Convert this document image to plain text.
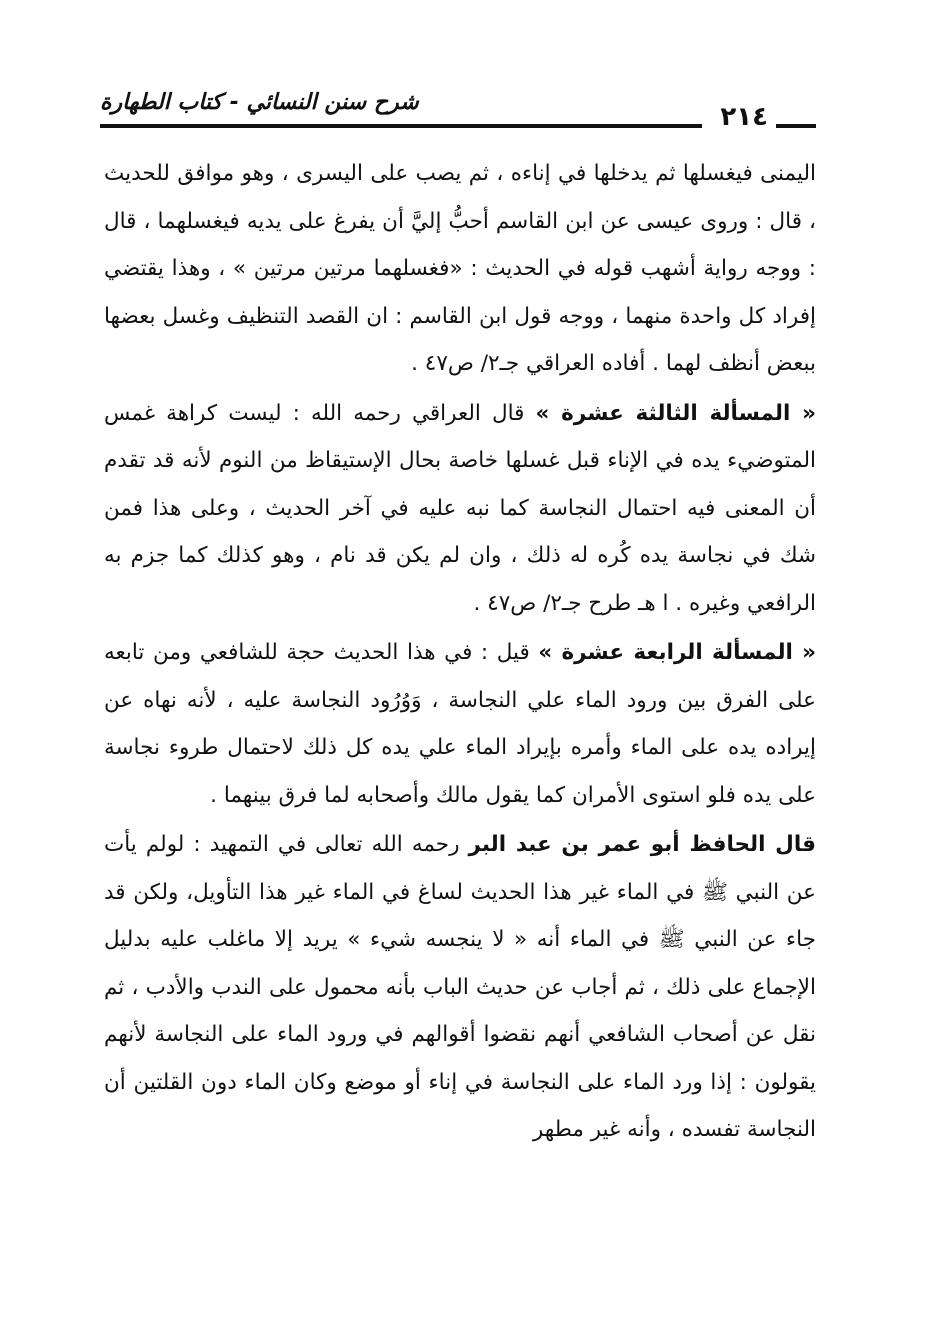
شرح سنن النسائي - كتاب الطهارة	٢١٤

اليمنى فيغسلها ثم يدخلها في إناءه ، ثم يصب على اليسرى ، وهو موافق للحديث ، قال : وروى عيسى عن ابن القاسم أحبُّ إليَّ أن يفرغ على يديه فيغسلهما ، قال : ووجه رواية أشهب قوله في الحديث : «فغسلهما مرتين مرتين » ، وهذا يقتضي إفراد كل واحدة منهما ، ووجه قول ابن القاسم : ان القصد التنظيف وغسل بعضها ببعض أنظف لهما . أفاده العراقي جـ٢/ ص٤٧ .

« المسألة الثالثة عشرة » قال العراقي رحمه الله : ليست كراهة غمس المتوضيء يده في الإناء قبل غسلها خاصة بحال الإستيقاظ من النوم لأنه قد تقدم أن المعنى فيه احتمال النجاسة كما نبه عليه في آخر الحديث ، وعلى هذا فمن شك في نجاسة يده كُره له ذلك ، وان لم يكن قد نام ، وهو كذلك كما جزم به الرافعي وغيره . ا هـ طرح جـ٢/ ص٤٧ .

« المسألة الرابعة عشرة » قيل : في هذا الحديث حجة للشافعي ومن تابعه على الفرق بين ورود الماء علي النجاسة ، وَوُرُود النجاسة عليه ، لأنه نهاه عن إيراده يده على الماء وأمره بإيراد الماء علي يده كل ذلك لاحتمال طروء نجاسة على يده فلو استوى الأمران كما يقول مالك وأصحابه لما فرق بينهما .

قال الحافظ أبو عمر بن عبد البر رحمه الله تعالى في التمهيد : لولم يأت عن النبي ﷺ في الماء غير هذا الحديث لساغ في الماء غير هذا التأويل، ولكن قد جاء عن النبي ﷺ في الماء أنه « لا ينجسه شيء » يريد إلا ماغلب عليه بدليل الإجماع على ذلك ، ثم أجاب عن حديث الباب بأنه محمول على الندب والأدب ، ثم نقل عن أصحاب الشافعي أنهم نقضوا أقوالهم في ورود الماء على النجاسة لأنهم يقولون : إذا ورد الماء على النجاسة في إناء أو موضع وكان الماء دون القلتين أن النجاسة تفسده ، وأنه غير مطهر
